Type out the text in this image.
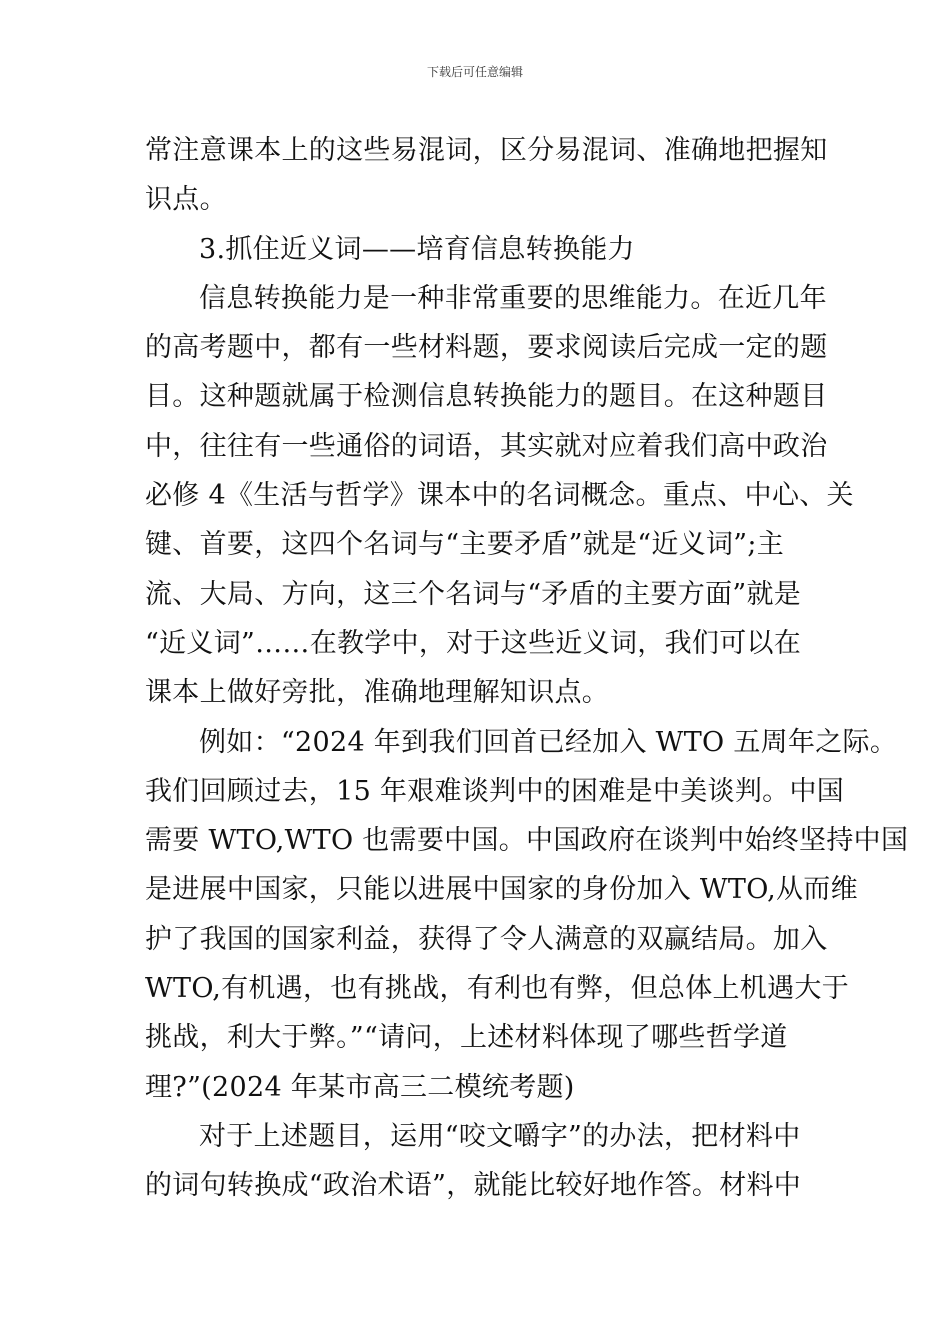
下载后可任意编辑
常注意课本上的这些易混词，区分易混词、准确地把握知
识点。
3.抓住近义词——培育信息转换能力
信息转换能力是一种非常重要的思维能力。在近几年
的高考题中，都有一些材料题，要求阅读后完成一定的题
目。这种题就属于检测信息转换能力的题目。在这种题目
中，往往有一些通俗的词语，其实就对应着我们高中政治
必修 4《生活与哲学》课本中的名词概念。重点、中心、关
键、首要，这四个名词与“主要矛盾”就是“近义词”;主
流、大局、方向，这三个名词与“矛盾的主要方面”就是
“近义词”……在教学中，对于这些近义词，我们可以在
课本上做好旁批，准确地理解知识点。
例如：“2024 年到我们回首已经加入 WTO 五周年之际。
我们回顾过去，15 年艰难谈判中的困难是中美谈判。中国
需要 WTO,WTO 也需要中国。中国政府在谈判中始终坚持中国
是进展中国家，只能以进展中国家的身份加入 WTO,从而维
护了我国的国家利益，获得了令人满意的双赢结局。加入
WTO,有机遇，也有挑战，有利也有弊，但总体上机遇大于
挑战，利大于弊。”“请问，上述材料体现了哪些哲学道
理?”(2024 年某市高三二模统考题)
对于上述题目，运用“咬文嚼字”的办法，把材料中
的词句转换成“政治术语”，就能比较好地作答。材料中
